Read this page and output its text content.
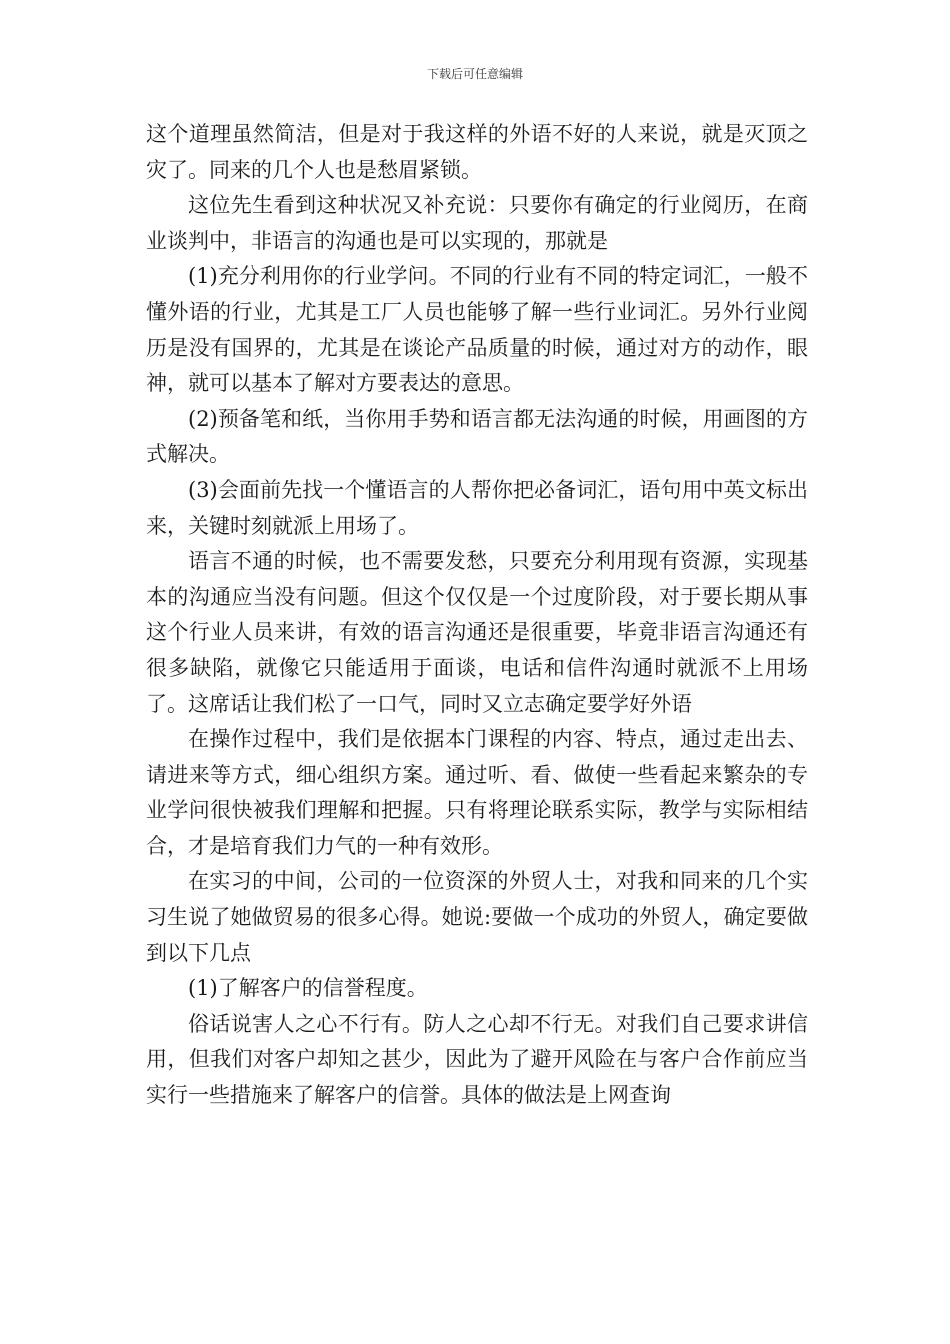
下载后可任意编辑

这个道理虽然简洁，但是对于我这样的外语不好的人来说，就是灭顶之灾了。同来的几个人也是愁眉紧锁。

这位先生看到这种状况又补充说：只要你有确定的行业阅历，在商业谈判中，非语言的沟通也是可以实现的，那就是

(1)充分利用你的行业学问。不同的行业有不同的特定词汇，一般不懂外语的行业，尤其是工厂人员也能够了解一些行业词汇。另外行业阅历是没有国界的，尤其是在谈论产品质量的时候，通过对方的动作，眼神，就可以基本了解对方要表达的意思。

(2)预备笔和纸，当你用手势和语言都无法沟通的时候，用画图的方式解决。

(3)会面前先找一个懂语言的人帮你把必备词汇，语句用中英文标出来，关键时刻就派上用场了。

语言不通的时候，也不需要发愁，只要充分利用现有资源，实现基本的沟通应当没有问题。但这个仅仅是一个过度阶段，对于要长期从事这个行业人员来讲，有效的语言沟通还是很重要，毕竟非语言沟通还有很多缺陷，就像它只能适用于面谈，电话和信件沟通时就派不上用场了。这席话让我们松了一口气，同时又立志确定要学好外语

在操作过程中，我们是依据本门课程的内容、特点，通过走出去、请进来等方式，细心组织方案。通过听、看、做使一些看起来繁杂的专业学问很快被我们理解和把握。只有将理论联系实际，教学与实际相结合，才是培育我们力气的一种有效形。

在实习的中间，公司的一位资深的外贸人士，对我和同来的几个实习生说了她做贸易的很多心得。她说:要做一个成功的外贸人，确定要做到以下几点

(1)了解客户的信誉程度。

俗话说害人之心不行有。防人之心却不行无。对我们自己要求讲信用，但我们对客户却知之甚少，因此为了避开风险在与客户合作前应当实行一些措施来了解客户的信誉。具体的做法是上网查询
